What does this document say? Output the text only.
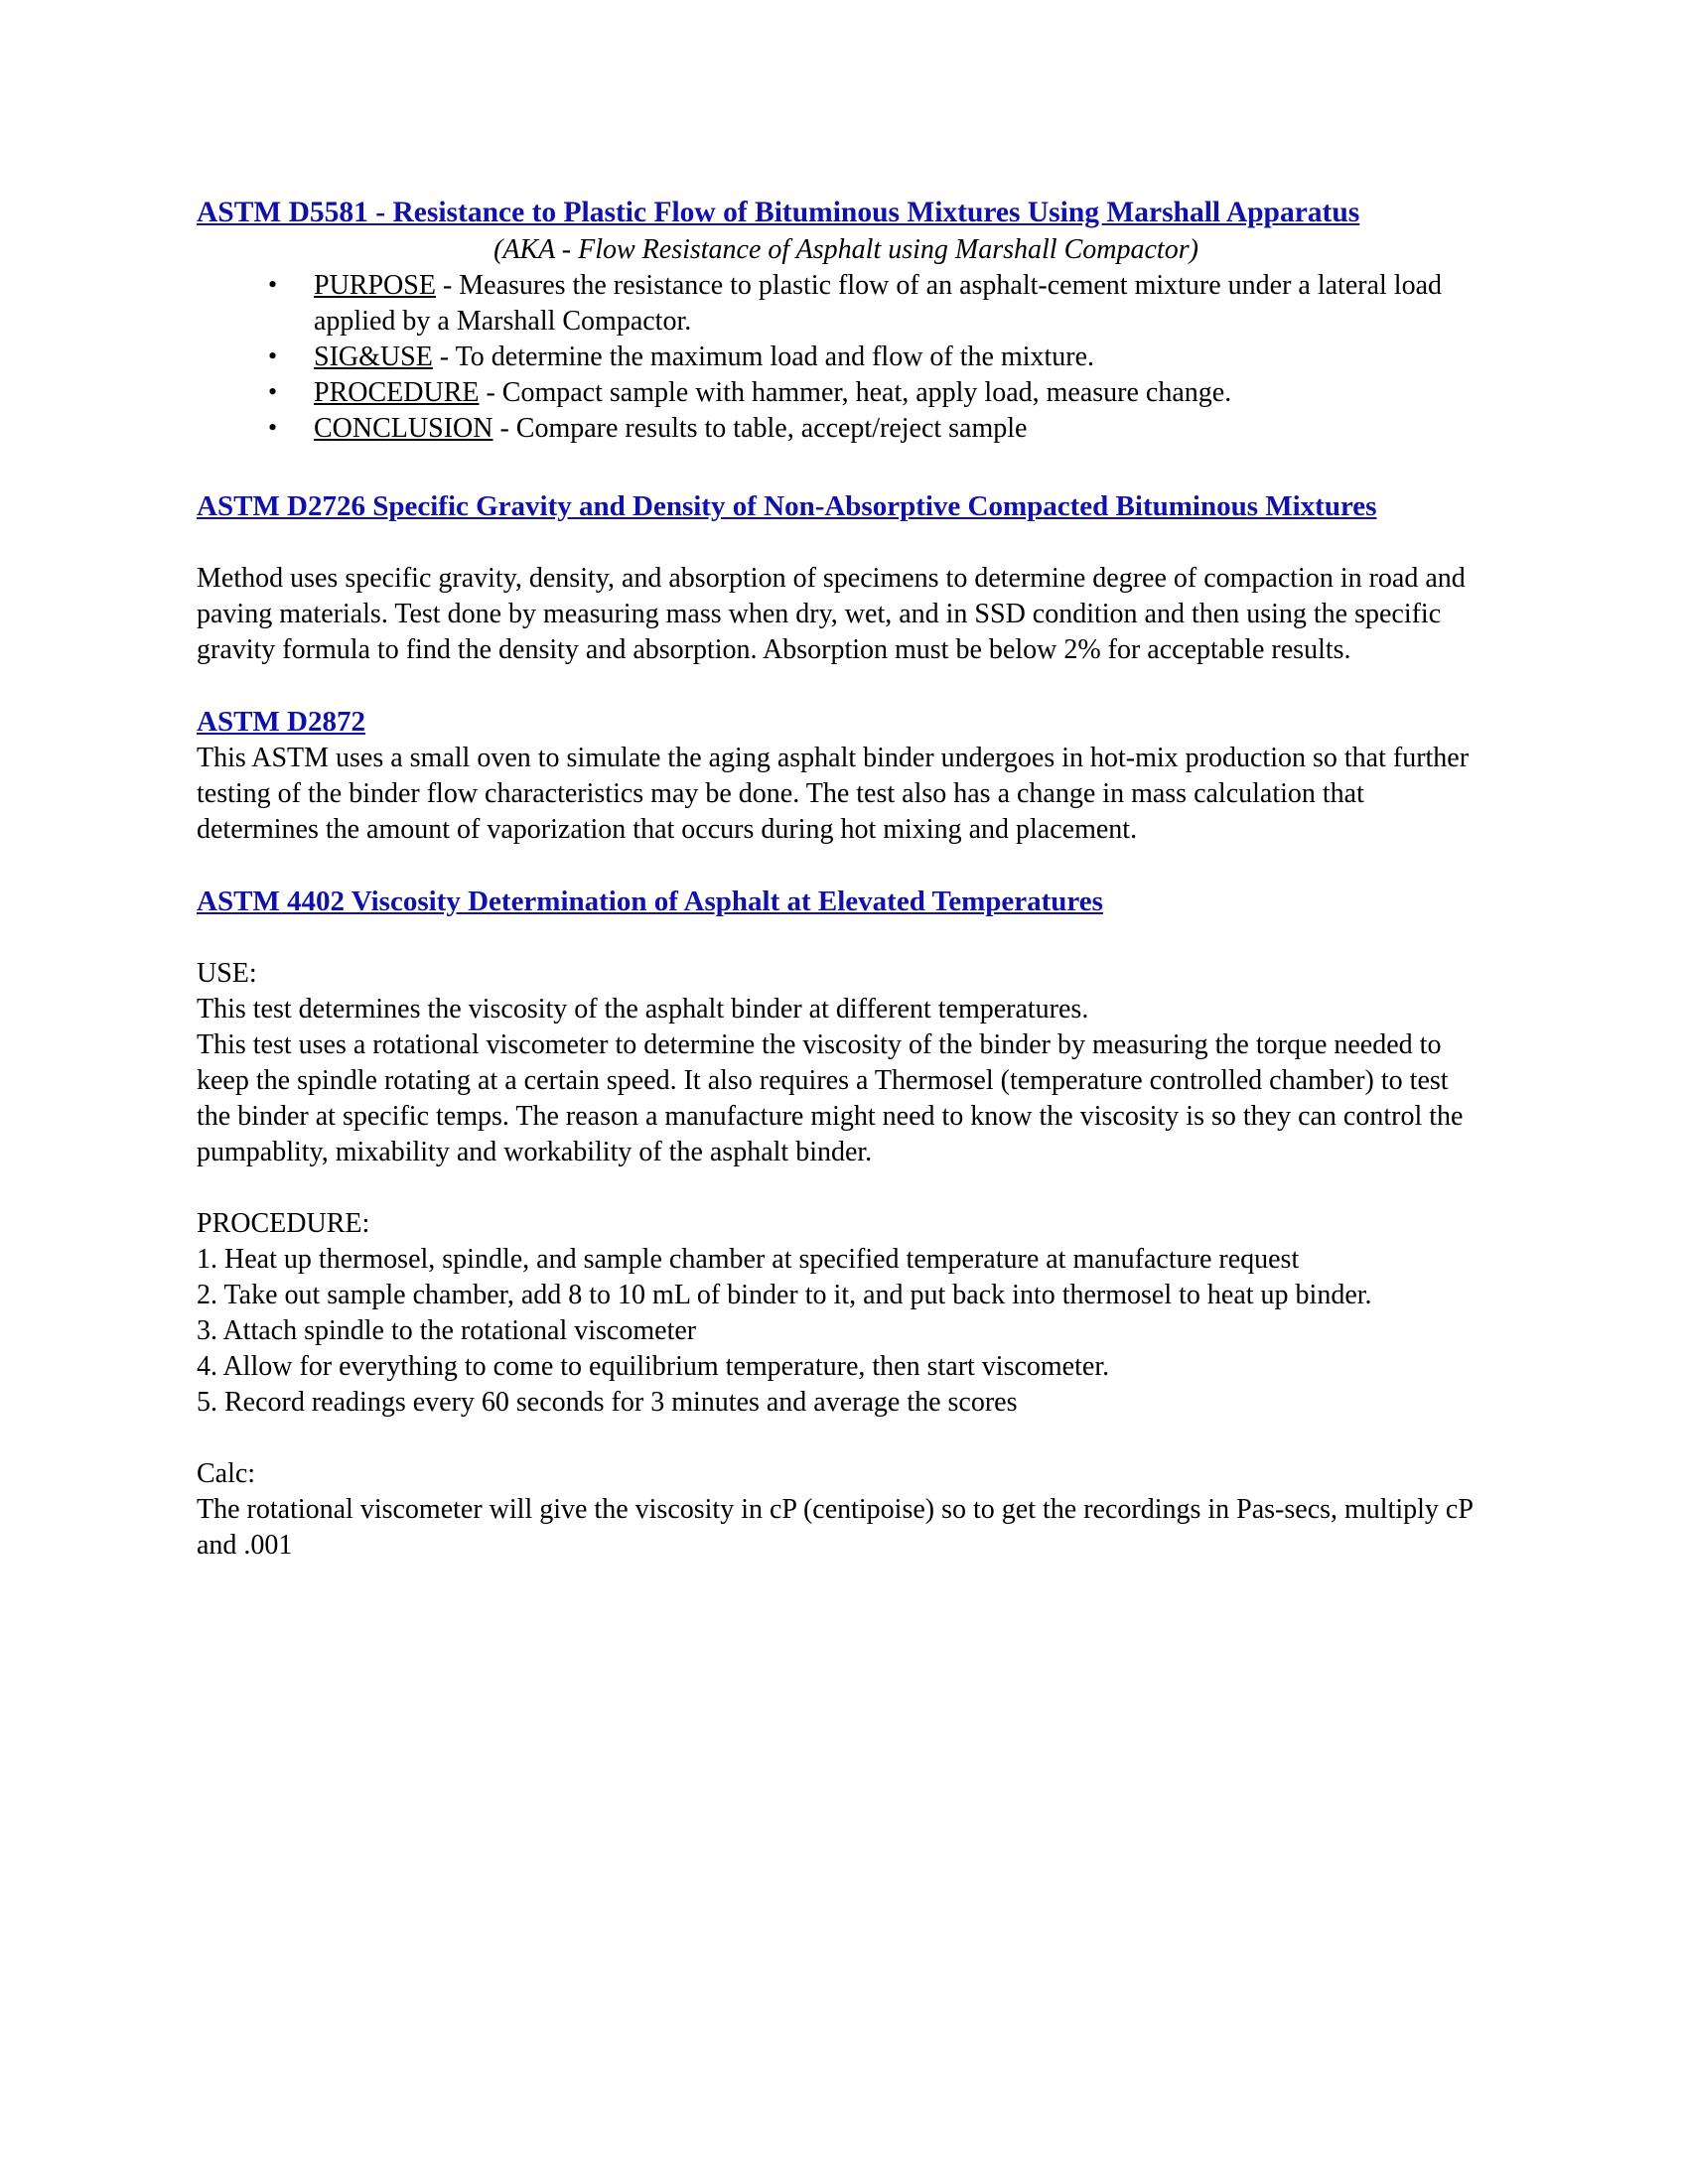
ASTM D5581 - Resistance to Plastic Flow of Bituminous Mixtures Using Marshall Apparatus
(AKA - Flow Resistance of Asphalt using Marshall Compactor)
• PURPOSE - Measures the resistance to plastic flow of an asphalt-cement mixture under a lateral load applied by a Marshall Compactor.
• SIG&USE - To determine the maximum load and flow of the mixture.
• PROCEDURE - Compact sample with hammer, heat, apply load, measure change.
• CONCLUSION - Compare results to table, accept/reject sample
ASTM D2726 Specific Gravity and Density of Non-Absorptive Compacted Bituminous Mixtures

Method uses specific gravity, density, and absorption of specimens to determine degree of compaction in road and paving materials. Test done by measuring mass when dry, wet, and in SSD condition and then using the specific gravity formula to find the density and absorption. Absorption must be below 2% for acceptable results.

ASTM D2872

This ASTM uses a small oven to simulate the aging asphalt binder undergoes in hot-mix production so that further testing of the binder flow characteristics may be done. The test also has a change in mass calculation that determines the amount of vaporization that occurs during hot mixing and placement.

ASTM 4402 Viscosity Determination of Asphalt at Elevated Temperatures
USE:
This test determines the viscosity of the asphalt binder at different temperatures.

This test uses a rotational viscometer to determine the viscosity of the binder by measuring the torque needed to keep the spindle rotating at a certain speed. It also requires a Thermosel (temperature controlled chamber) to test the binder at specific temps. The reason a manufacture might need to know the viscosity is so they can control the pumpablity, mixability and workability of the asphalt binder.

PROCEDURE:

1. Heat up thermosel, spindle, and sample chamber at specified temperature at manufacture request

2. Take out sample chamber, add 8 to 10 mL of binder to it, and put back into thermosel to heat up binder.

3. Attach spindle to the rotational viscometer

4. Allow for everything to come to equilibrium temperature, then start viscometer.

5. Record readings every 60 seconds for 3 minutes and average the scores

Calc:

The rotational viscometer will give the viscosity in cP (centipoise) so to get the recordings in Pas-secs, multiply cP and .001
